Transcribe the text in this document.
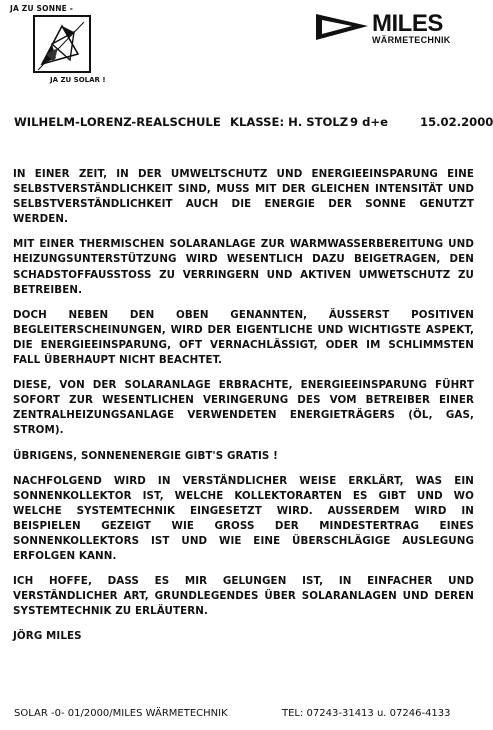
JA ZU SONNE -
JA ZU SOLAR !
MILES
WÄRMETECHNIK
WILHELM-LORENZ-REALSCHULE KLASSE: H. STOLZ 9 d+e	15.02.2000

IN EINER ZEIT, IN DER UMWELTSCHUTZ UND ENERGIEEINSPARUNG EINE SELBSTVERSTÄNDLICHKEIT SIND, MUSS MIT DER GLEICHEN INTENSITÄT UND SELBSTVERSTÄNDLICHKEIT AUCH DIE ENERGIE DER SONNE GENUTZT WERDEN.

MIT EINER THERMISCHEN SOLARANLAGE ZUR WARMWASSERBEREITUNG UND HEIZUNGSUNTERSTÜTZUNG WIRD WESENTLICH DAZU BEIGETRAGEN, DEN SCHADSTOFFAUSSTOSS ZU VERRINGERN UND AKTIVEN UMWETSCHUTZ ZU BETREIBEN.

DOCH NEBEN DEN OBEN GENANNTEN, ÄUSSERST POSITIVEN BEGLEITERSCHEINUNGEN, WIRD DER EIGENTLICHE UND WICHTIGSTE ASPEKT, DIE ENERGIEEINSPARUNG, OFT VERNACHLÄSSIGT, ODER IM SCHLIMMSTEN FALL ÜBERHAUPT NICHT BEACHTET.

DIESE, VON DER SOLARANLAGE ERBRACHTE, ENERGIEEINSPARUNG FÜHRT SOFORT ZUR WESENTLICHEN VERINGERUNG DES VOM BETREIBER EINER ZENTRALHEIZUNGSANLAGE VERWENDETEN ENERGIETRÄGERS (ÖL, GAS, STROM).

ÜBRIGENS, SONNENENERGIE GIBT'S GRATIS !

NACHFOLGEND WIRD IN VERSTÄNDLICHER WEISE ERKLÄRT, WAS EIN SONNENKOLLEKTOR IST, WELCHE KOLLEKTORARTEN ES GIBT UND WO WELCHE SYSTEMTECHNIK EINGESETZT WIRD. AUSSERDEM WIRD IN BEISPIELEN GEZEIGT WIE GROSS DER MINDESTERTRAG EINES SONNENKOLLEKTORS IST UND WIE EINE ÜBERSCHLÄGIGE AUSLEGUNG ERFOLGEN KANN.

ICH HOFFE, DASS ES MIR GELUNGEN IST, IN EINFACHER UND VERSTÄNDLICHER ART, GRUNDLEGENDES ÜBER SOLARANLAGEN UND DEREN SYSTEMTECHNIK ZU ERLÄUTERN.

JÖRG MILES

SOLAR -0- 01/2000/MILES WÄRMETECHNIK	TEL: 07243-31413 u. 07246-4133
